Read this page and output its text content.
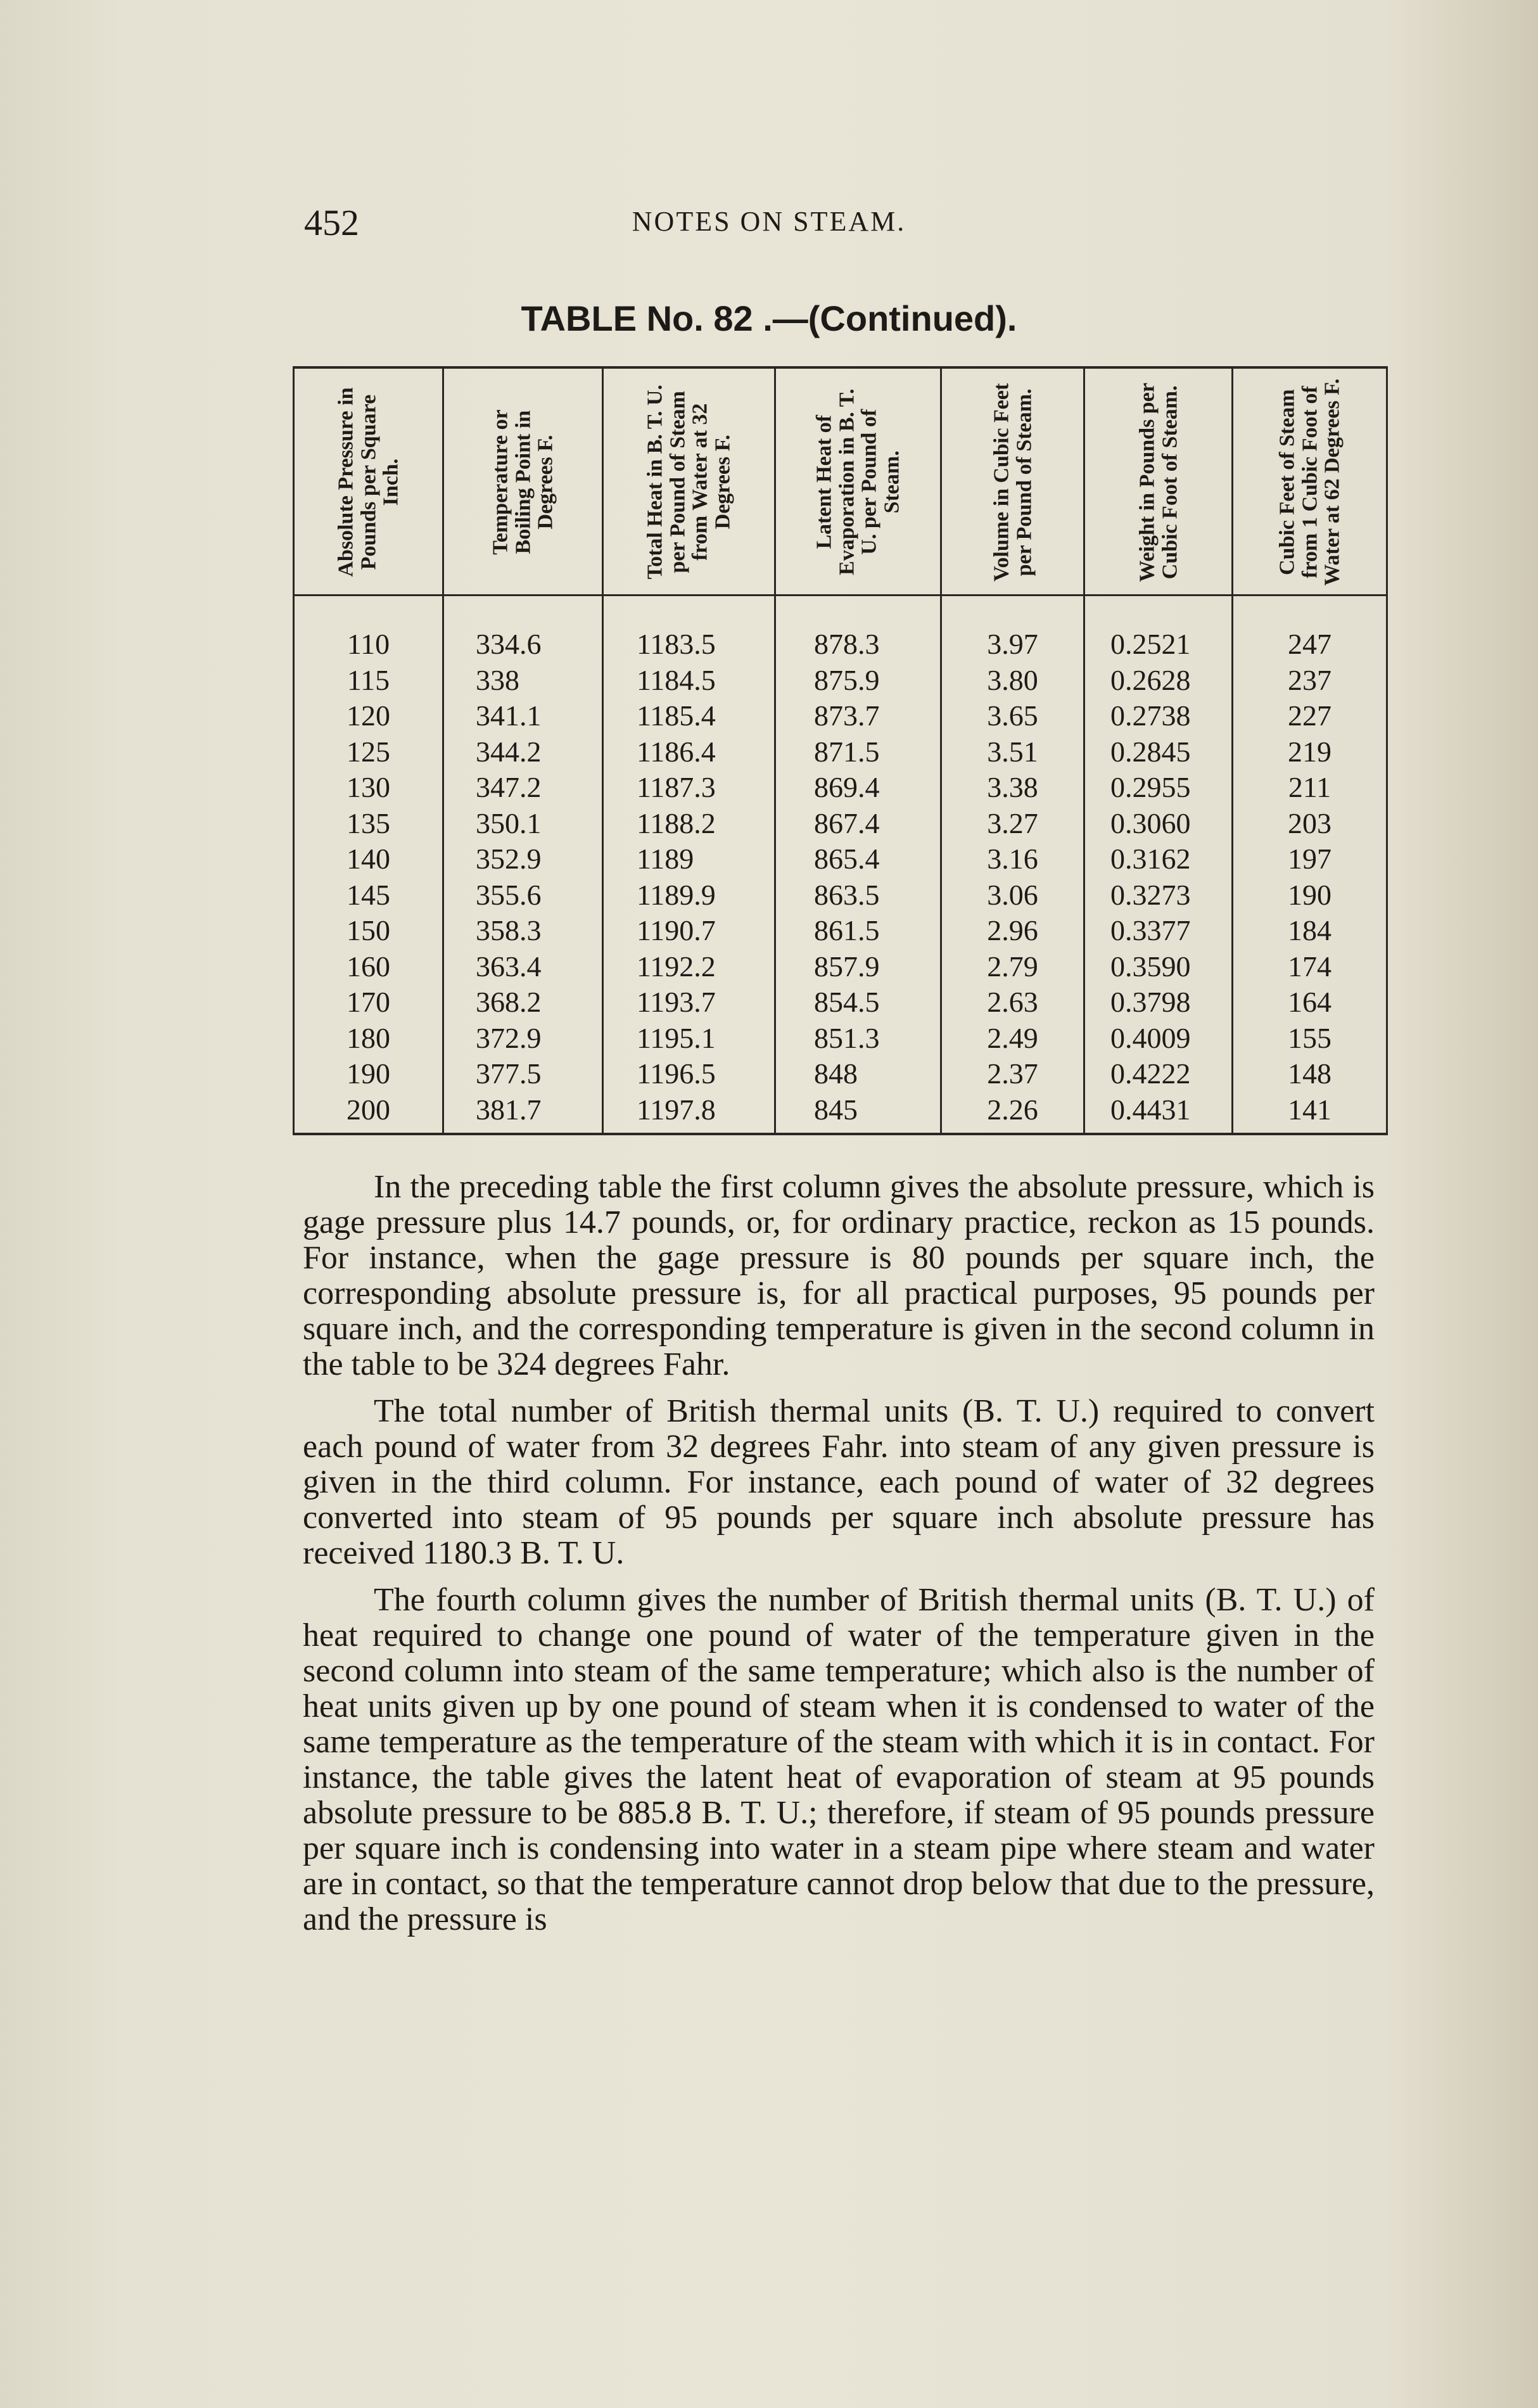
452	NOTES ON STEAM.
TABLE No. 82 .—(Continued).
Absolute Pressure in Pounds per Square Inch.	Temperature or Boiling Point in Degrees F.	Total Heat in B. T. U. per Pound of Steam from Water at 32 Degrees F.	Latent Heat of Evaporation in B. T. U. per Pound of Steam.	Volume in Cubic Feet per Pound of Steam.	Weight in Pounds per Cubic Foot of Steam.	Cubic Feet of Steam from 1 Cubic Foot of Water at 62 Degrees F.

110	334.6	1183.5	878.3	3.97	0.2521	247
115	338	1184.5	875.9	3.80	0.2628	237
120	341.1	1185.4	873.7	3.65	0.2738	227
125	344.2	1186.4	871.5	3.51	0.2845	219
130	347.2	1187.3	869.4	3.38	0.2955	211
135	350.1	1188.2	867.4	3.27	0.3060	203
140	352.9	1189	865.4	3.16	0.3162	197
145	355.6	1189.9	863.5	3.06	0.3273	190
150	358.3	1190.7	861.5	2.96	0.3377	184
160	363.4	1192.2	857.9	2.79	0.3590	174
170	368.2	1193.7	854.5	2.63	0.3798	164
180	372.9	1195.1	851.3	2.49	0.4009	155
190	377.5	1196.5	848	2.37	0.4222	148
200	381.7	1197.8	845	2.26	0.4431	141

In the preceding table the first column gives the absolute pressure, which is gage pressure plus 14.7 pounds, or, for ordinary practice, reckon as 15 pounds. For instance, when the gage pressure is 80 pounds per square inch, the corresponding absolute pressure is, for all practical purposes, 95 pounds per square inch, and the corresponding temperature is given in the second column in the table to be 324 degrees Fahr.

The total number of British thermal units (B. T. U.) required to convert each pound of water from 32 degrees Fahr. into steam of any given pressure is given in the third column. For instance, each pound of water of 32 degrees converted into steam of 95 pounds per square inch absolute pressure has received 1180.3 B. T. U.

The fourth column gives the number of British thermal units (B. T. U.) of heat required to change one pound of water of the temperature given in the second column into steam of the same temperature; which also is the number of heat units given up by one pound of steam when it is condensed to water of the same temperature as the temperature of the steam with which it is in contact. For instance, the table gives the latent heat of evaporation of steam at 95 pounds absolute pressure to be 885.8 B. T. U.; therefore, if steam of 95 pounds pressure per square inch is condensing into water in a steam pipe where steam and water are in contact, so that the temperature cannot drop below that due to the pressure, and the pressure is
